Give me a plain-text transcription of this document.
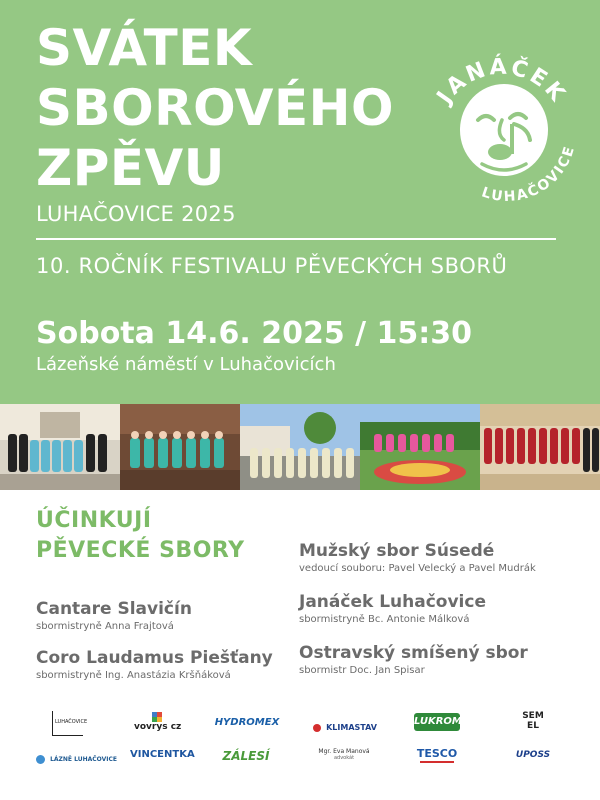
SVÁTEK
SBOROVÉHO
ZPĚVU
LUHAČOVICE 2025
10. ROČNÍK FESTIVALU PĚVECKÝCH SBORŮ
Sobota 14.6. 2025 / 15:30
Lázeňské náměstí v Luhačovicích
JANÁČEK
LUHAČOVICE
ÚČINKUJÍ
PĚVECKÉ SBORY
Cantare Slavičín
sbormistryně Anna Frajtová
Coro Laudamus Piešťany
sbormistryně Ing. Anastázia Kršňáková
Mužský sbor Súsedé
vedoucí souboru: Pavel Velecký a Pavel Mudrák
Janáček Luhačovice
sbormistryně Bc. Antonie Málková
Ostravský smíšený sbor
sbormistr Doc. Jan Spisar
LUHAČOVICE	vovrys cz	HYDROMEX	KLIMASTAV
LUKROM	SEM EL
LÁZNĚ LUHAČOVICE VINCENTKA ZÁLESÍ	Mgr. Eva Manová
advokát	TESCO	UPOSS
